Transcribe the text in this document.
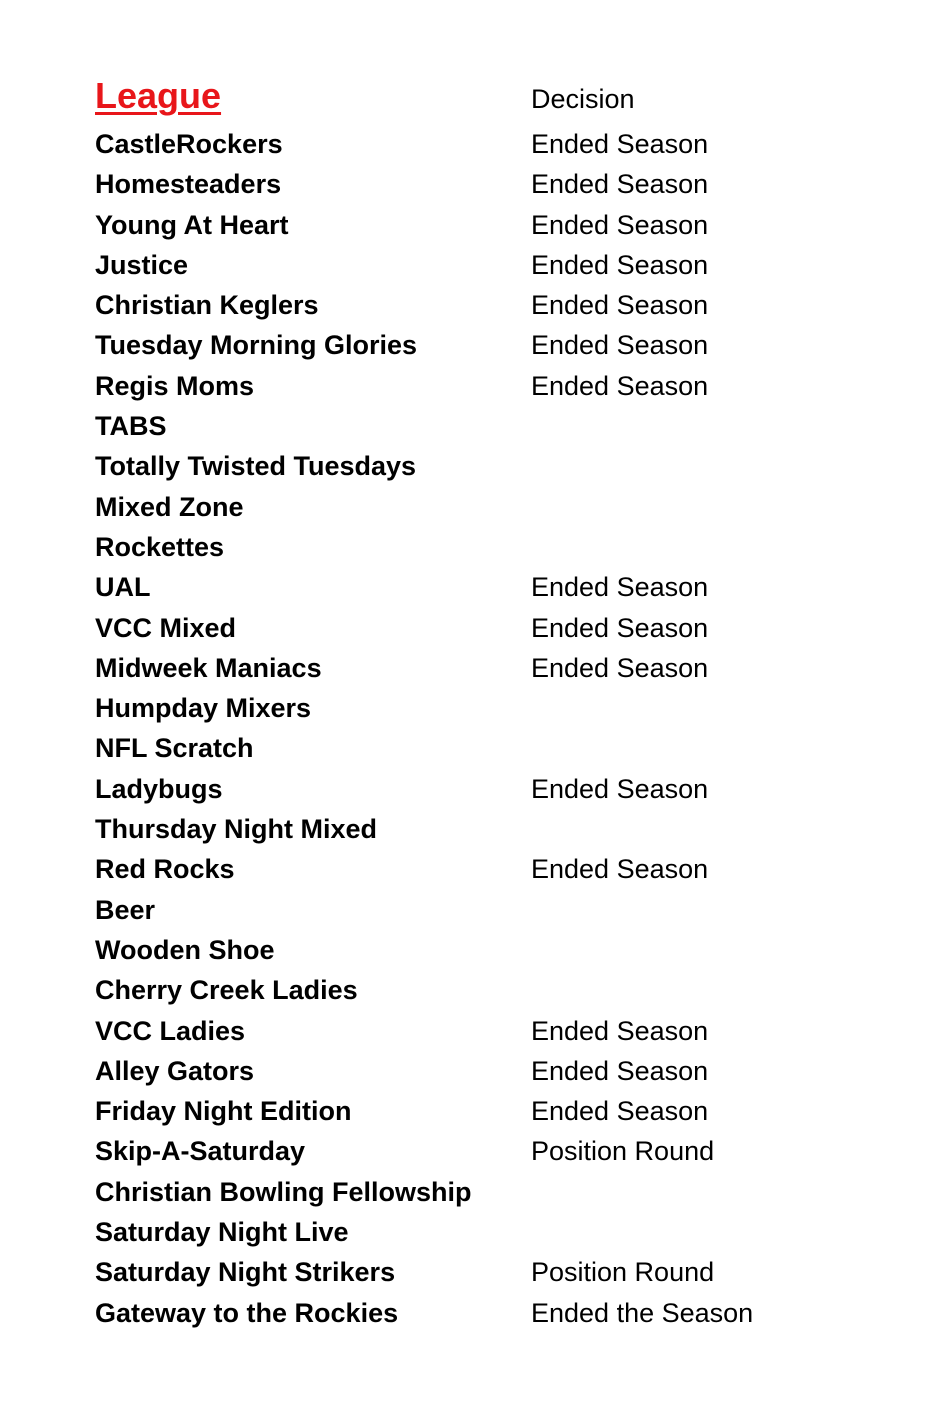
League	Decision
CastleRockers	Ended Season
Homesteaders	Ended Season
Young At Heart	Ended Season
Justice	Ended Season
Christian Keglers	Ended Season
Tuesday Morning Glories	Ended Season
Regis Moms	Ended Season
TABS
Totally Twisted Tuesdays
Mixed Zone
Rockettes
UAL	Ended Season
VCC Mixed	Ended Season
Midweek Maniacs	Ended Season
Humpday Mixers
NFL Scratch
Ladybugs	Ended Season
Thursday Night Mixed
Red Rocks	Ended Season
Beer
Wooden Shoe
Cherry Creek Ladies
VCC Ladies	Ended Season
Alley Gators	Ended Season
Friday Night Edition	Ended Season
Skip-A-Saturday	Position Round
Christian Bowling Fellowship
Saturday Night Live
Saturday Night Strikers	Position Round
Gateway to the Rockies	Ended the Season
